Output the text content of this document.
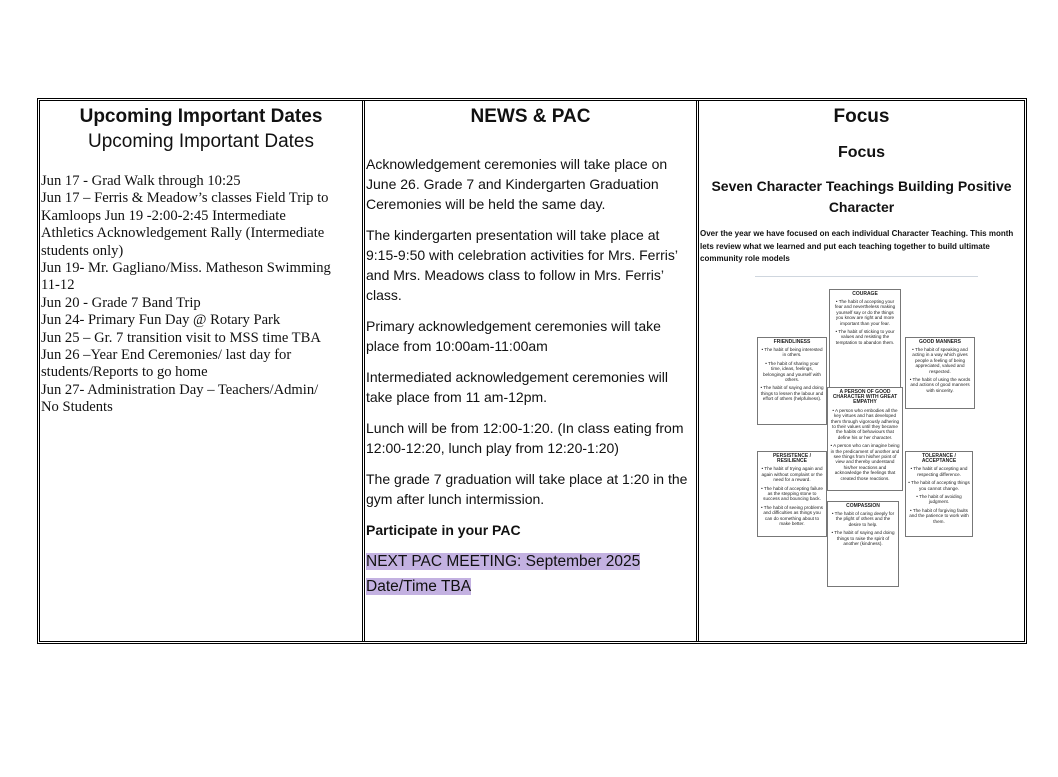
Upcoming Important Dates
Upcoming Important Dates
Jun 17 - Grad Walk through 10:25
Jun 17 – Ferris & Meadow’s classes Field Trip to
Kamloops Jun 19 -2:00-2:45 Intermediate
Athletics Acknowledgement Rally (Intermediate
students only)
Jun 19- Mr. Gagliano/Miss. Matheson Swimming
11-12
Jun 20 - Grade 7 Band Trip
Jun 24- Primary Fun Day @ Rotary Park
Jun 25 – Gr. 7 transition visit to MSS time TBA
Jun 26 –Year End Ceremonies/ last day for
students/Reports to go home
Jun 27- Administration Day – Teachers/Admin/
No Students
NEWS & PAC

Acknowledgement ceremonies will take place on June 26. Grade 7 and Kindergarten Graduation Ceremonies will be held the same day.

The kindergarten presentation will take place at 9:15-9:50 with celebration activities for Mrs. Ferris’ and Mrs. Meadows class to follow in Mrs. Ferris’ class.

Primary acknowledgement ceremonies will take place from 10:00am-11:00am

Intermediated acknowledgement ceremonies will take place from 11 am-12pm.

Lunch will be from 12:00-1:20. (In class eating from 12:00-12:20, lunch play from 12:20-1:20)

The grade 7 graduation will take place at 1:20 in the gym after lunch intermission.

Participate in your PAC

NEXT PAC MEETING: September 2025
Date/Time TBA
Focus
Focus
Seven Character Teachings Building Positive Character
Over the year we have focused on each individual Character Teaching. This month lets review what we learned and put each teaching together to build ultimate community role models
COURAGE
• The habit of accepting your fear and nevertheless making yourself say or do the things you know are right and more important than your fear.
• The habit of sticking to your values and resisting the temptation to abandon them.
FRIENDLINESS
• The habit of being interested in others.
• The habit of sharing your time, ideas, feelings, belongings and yourself with others.
• The habit of saying and doing things to lessen the labour and effort of others (helpfulness).
GOOD MANNERS
• The habit of speaking and acting in a way which gives people a feeling of being appreciated, valued and respected.
• The habit of using the words and actions of good manners with sincerity.
A PERSON OF GOOD CHARACTER WITH GREAT EMPATHY
• A person who embodies all the key virtues and has developed them through vigorously adhering to their values until they became the habits of behaviours that define his or her character.
• A person who can imagine being in the predicament of another and see things from his/her point of view and thereby understand his/her reactions and acknowledge the feelings that created those reactions.
PERSISTENCE / RESILIENCE
• The habit of trying again and again without complaint or the need for a reward.
• The habit of accepting failure as the stepping stone to success and bouncing back.
• The habit of seeing problems and difficulties as things you can do something about to make better.
TOLERANCE / ACCEPTANCE
• The habit of accepting and respecting difference.
• The habit of accepting things you cannot change.
• The habit of avoiding judgment.
• The habit of forgiving faults and the patience to work with them.
COMPASSION
• The habit of caring deeply for the plight of others and the desire to help.
• The habit of saying and doing things to raise the spirit of another (kindness).
